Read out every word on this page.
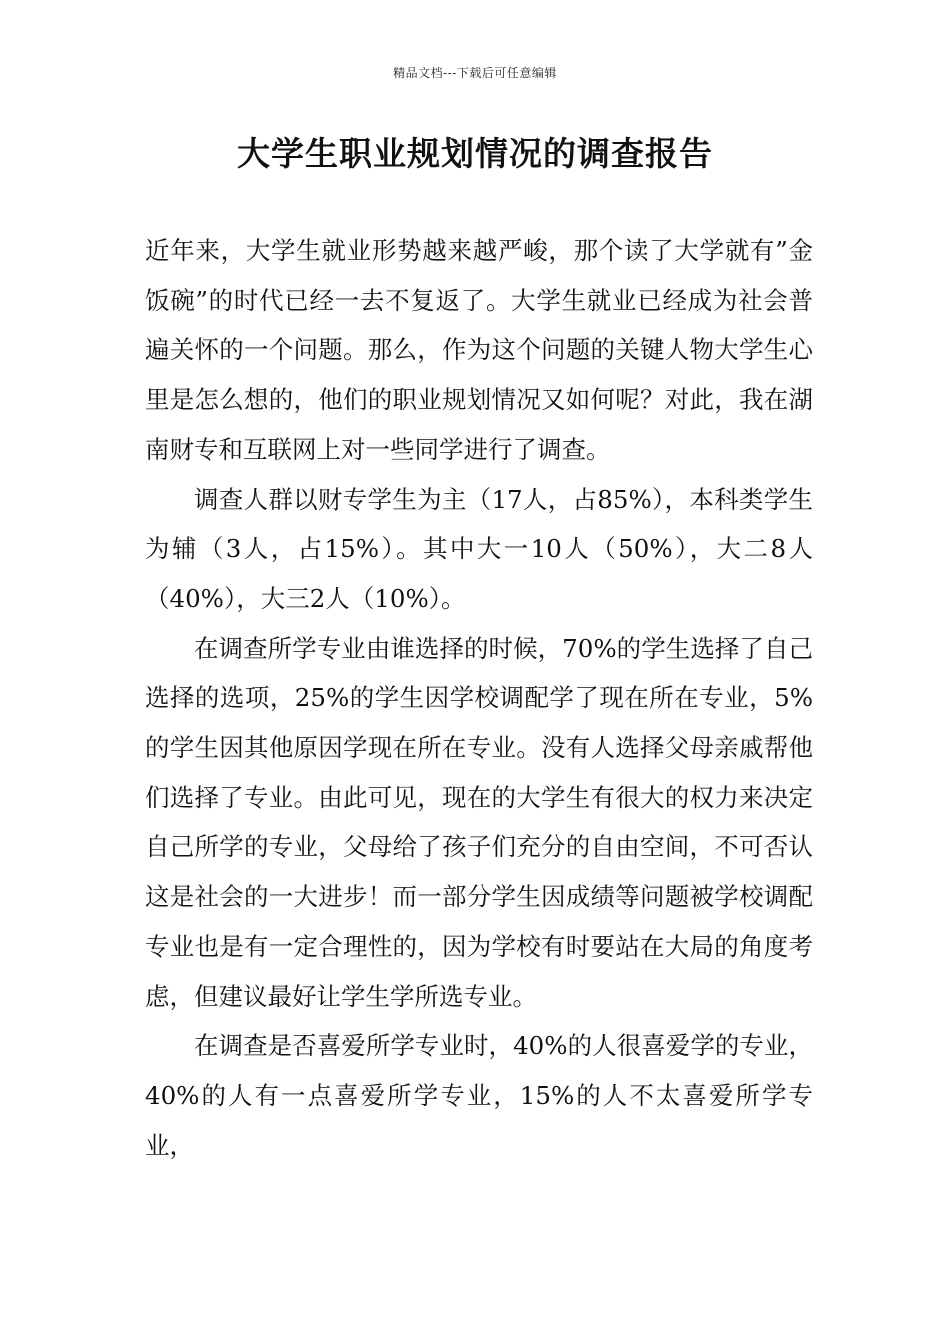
精品文档---下载后可任意编辑
大学生职业规划情况的调查报告

近年来，大学生就业形势越来越严峻，那个读了大学就有”金饭碗”的时代已经一去不复返了。大学生就业已经成为社会普遍关怀的一个问题。那么，作为这个问题的关键人物大学生心里是怎么想的，他们的职业规划情况又如何呢？对此，我在湖南财专和互联网上对一些同学进行了调查。

调查人群以财专学生为主（17人，占85%），本科类学生为辅（3人，占15%）。其中大一10人（50%），大二8人（40%），大三2人（10%）。

在调查所学专业由谁选择的时候，70%的学生选择了自己选择的选项，25%的学生因学校调配学了现在所在专业，5%的学生因其他原因学现在所在专业。没有人选择父母亲戚帮他们选择了专业。由此可见，现在的大学生有很大的权力来决定自己所学的专业，父母给了孩子们充分的自由空间，不可否认这是社会的一大进步！而一部分学生因成绩等问题被学校调配专业也是有一定合理性的，因为学校有时要站在大局的角度考虑，但建议最好让学生学所选专业。

在调查是否喜爱所学专业时，40%的人很喜爱学的专业，40%的人有一点喜爱所学专业，15%的人不太喜爱所学专业，
